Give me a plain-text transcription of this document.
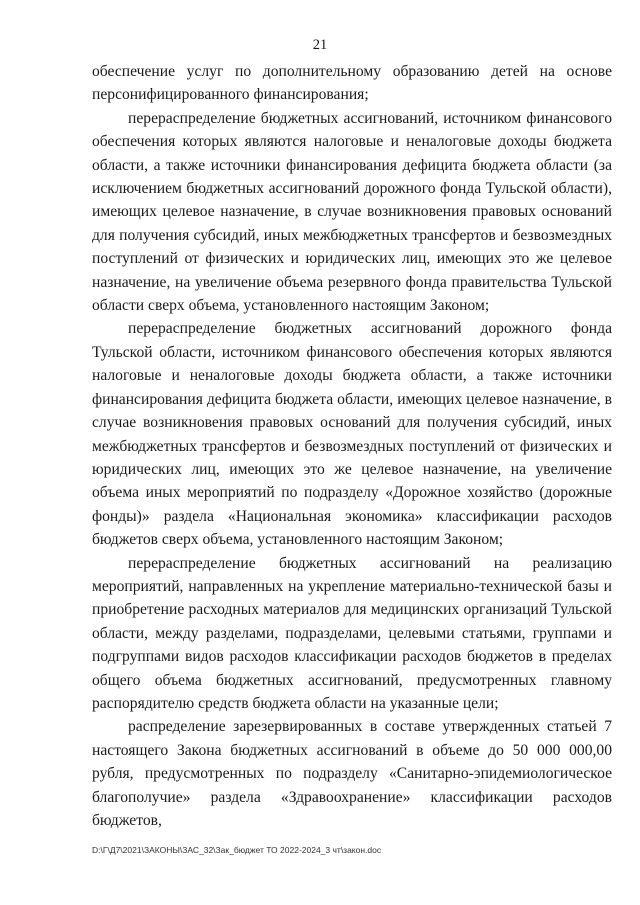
21

обеспечение услуг по дополнительному образованию детей на основе персонифицированного финансирования;

перераспределение бюджетных ассигнований, источником финансового обеспечения которых являются налоговые и неналоговые доходы бюджета области, а также источники финансирования дефицита бюджета области (за исключением бюджетных ассигнований дорожного фонда Тульской области), имеющих целевое назначение, в случае возникновения правовых оснований для получения субсидий, иных межбюджетных трансфертов и безвозмездных поступлений от физических и юридических лиц, имеющих это же целевое назначение, на увеличение объема резервного фонда правительства Тульской области сверх объема, установленного настоящим Законом;

перераспределение бюджетных ассигнований дорожного фонда Тульской области, источником финансового обеспечения которых являются налоговые и неналоговые доходы бюджета области, а также источники финансирования дефицита бюджета области, имеющих целевое назначение, в случае возникновения правовых оснований для получения субсидий, иных межбюджетных трансфертов и безвозмездных поступлений от физических и юридических лиц, имеющих это же целевое назначение, на увеличение объема иных мероприятий по подразделу «Дорожное хозяйство (дорожные фонды)» раздела «Национальная экономика» классификации расходов бюджетов сверх объема, установленного настоящим Законом;

перераспределение бюджетных ассигнований на реализацию мероприятий, направленных на укрепление материально-технической базы и приобретение расходных материалов для медицинских организаций Тульской области, между разделами, подразделами, целевыми статьями, группами и подгруппами видов расходов классификации расходов бюджетов в пределах общего объема бюджетных ассигнований, предусмотренных главному распорядителю средств бюджета области на указанные цели;

распределение зарезервированных в составе утвержденных статьей 7 настоящего Закона бюджетных ассигнований в объеме до 50 000 000,00 рубля, предусмотренных по подразделу «Санитарно-эпидемиологическое благополучие» раздела «Здравоохранение» классификации расходов бюджетов,

D:\Г\Д7\2021\ЗАКОНЫ\ЗАС_32\Зак_бюджет ТО 2022-2024_3 чт\закон.doc
